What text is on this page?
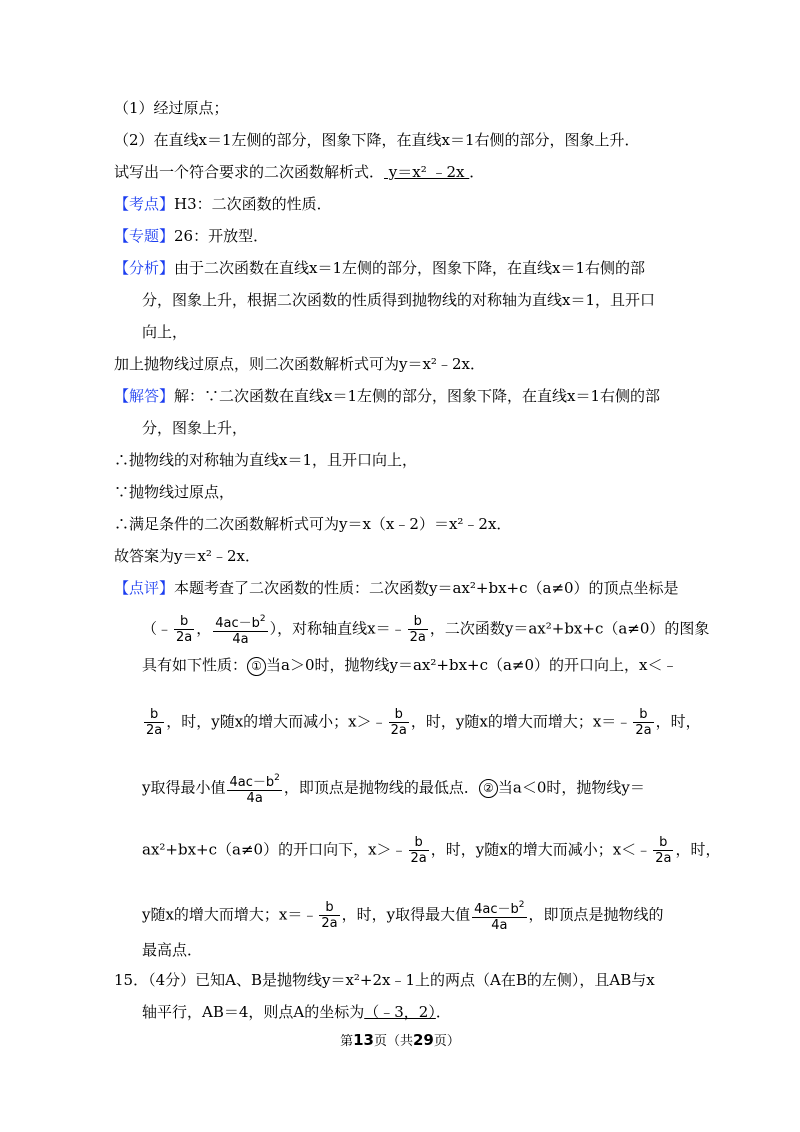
（1）经过原点；
（2）在直线x＝1左侧的部分，图象下降，在直线x＝1右侧的部分，图象上升．
试写出一个符合要求的二次函数解析式． y＝x² ﹣2x ．
【考点】H3：二次函数的性质．
【专题】26：开放型．
【分析】由于二次函数在直线x＝1左侧的部分，图象下降，在直线x＝1右侧的部
分，图象上升，根据二次函数的性质得到抛物线的对称轴为直线x＝1，且开口
向上，
加上抛物线过原点，则二次函数解析式可为y＝x²﹣2x．
【解答】解：∵二次函数在直线x＝1左侧的部分，图象下降，在直线x＝1右侧的部
分，图象上升，
∴抛物线的对称轴为直线x＝1，且开口向上，
∵抛物线过原点，
∴满足条件的二次函数解析式可为y＝x（x﹣2）＝x²﹣2x．
故答案为y＝x²﹣2x．
【点评】本题考查了二次函数的性质：二次函数y＝ax²+bx+c（a≠0）的顶点坐标是
（﹣ $\frac{b}{2a}$ ， $\frac{4ac-b^2}{4a}$ ），对称轴直线x＝﹣ $\frac{b}{2a}$ ，二次函数y＝ax²+bx+c（a≠0）的图象
具有如下性质： ① 当a＞0时，抛物线y＝ax²+bx+c（a≠0）的开口向上，x＜﹣
$\frac{b}{2a}$ ，时，y随x的增大而减小；x＞﹣ $\frac{b}{2a}$ ，时，y随x的增大而增大；x＝﹣ $\frac{b}{2a}$ ，时，
y取得最小值 $\frac{4ac-b^2}{4a}$ ，即顶点是抛物线的最低点． ② 当a＜0时，抛物线y＝
ax²+bx+c（a≠0）的开口向下，x＞﹣ $\frac{b}{2a}$ ，时，y随x的增大而减小；x＜﹣ $\frac{b}{2a}$ ，时，
y随x的增大而增大；x＝﹣ $\frac{b}{2a}$ ，时，y取得最大值 $\frac{4ac-b^2}{4a}$ ，即顶点是抛物线的
最高点．
15．（4分）已知A、B是抛物线y＝x²+2x﹣1上的两点（A在B的左侧），且AB与x
轴平行，AB＝4，则点A的坐标为（﹣3，2）．
第13页（共29页）
